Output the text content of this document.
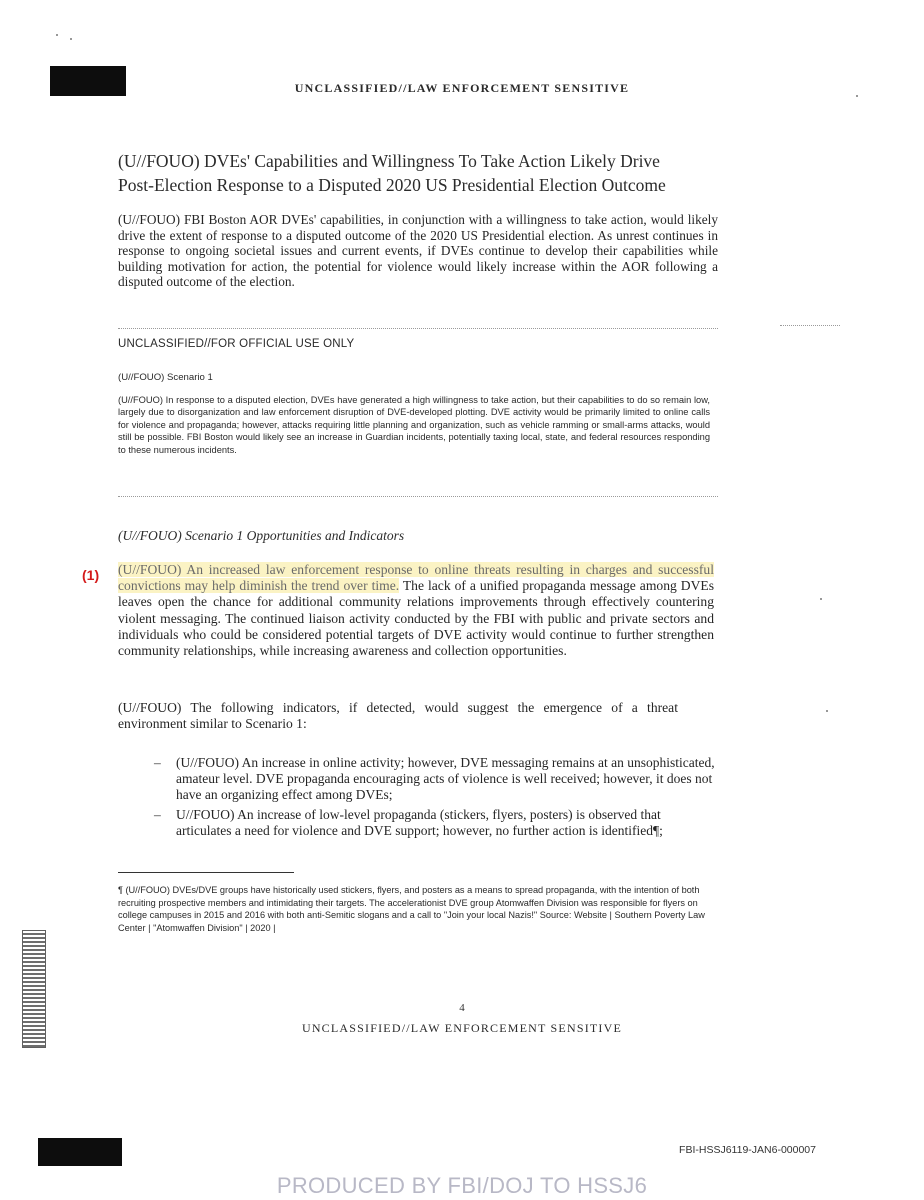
UNCLASSIFIED//LAW ENFORCEMENT SENSITIVE
(U//FOUO) DVEs' Capabilities and Willingness To Take Action Likely Drive
Post-Election Response to a Disputed 2020 US Presidential Election Outcome
(U//FOUO) FBI Boston AOR DVEs' capabilities, in conjunction with a willingness to take action, would likely drive the extent of response to a disputed outcome of the 2020 US Presidential election. As unrest continues in response to ongoing societal issues and current events, if DVEs continue to develop their capabilities while building motivation for action, the potential for violence would likely increase within the AOR following a disputed outcome of the election.
UNCLASSIFIED//FOR OFFICIAL USE ONLY
(U//FOUO) Scenario 1
(U//FOUO) In response to a disputed election, DVEs have generated a high willingness to take action, but their capabilities to do so remain low, largely due to disorganization and law enforcement disruption of DVE-developed plotting. DVE activity would be primarily limited to online calls for violence and propaganda; however, attacks requiring little planning and organization, such as vehicle ramming or small-arms attacks, would still be possible. FBI Boston would likely see an increase in Guardian incidents, potentially taxing local, state, and federal resources responding to these numerous incidents.
(U//FOUO) Scenario 1 Opportunities and Indicators
(1) (U//FOUO) An increased law enforcement response to online threats resulting in charges and successful convictions may help diminish the trend over time. The lack of a unified propaganda message among DVEs leaves open the chance for additional community relations improvements through effectively countering violent messaging. The continued liaison activity conducted by the FBI with public and private sectors and individuals who could be considered potential targets of DVE activity would continue to further strengthen community relationships, while increasing awareness and collection opportunities.
(U//FOUO) The following indicators, if detected, would suggest the emergence of a threat environment similar to Scenario 1:
– (U//FOUO) An increase in online activity; however, DVE messaging remains at an unsophisticated, amateur level. DVE propaganda encouraging acts of violence is well received; however, it does not have an organizing effect among DVEs;
– U//FOUO) An increase of low-level propaganda (stickers, flyers, posters) is observed that articulates a need for violence and DVE support; however, no further action is identified¶;
¶ (U//FOUO) DVEs/DVE groups have historically used stickers, flyers, and posters as a means to spread propaganda, with the intention of both recruiting prospective members and intimidating their targets. The accelerationist DVE group Atomwaffen Division was responsible for flyers on college campuses in 2015 and 2016 with both anti-Semitic slogans and a call to "Join your local Nazis!" Source: Website | Southern Poverty Law Center | "Atomwaffen Division" | 2020 |
4
UNCLASSIFIED//LAW ENFORCEMENT SENSITIVE
FBI-HSSJ6119-JAN6-000007
PRODUCED BY FBI/DOJ TO HSSJ6
